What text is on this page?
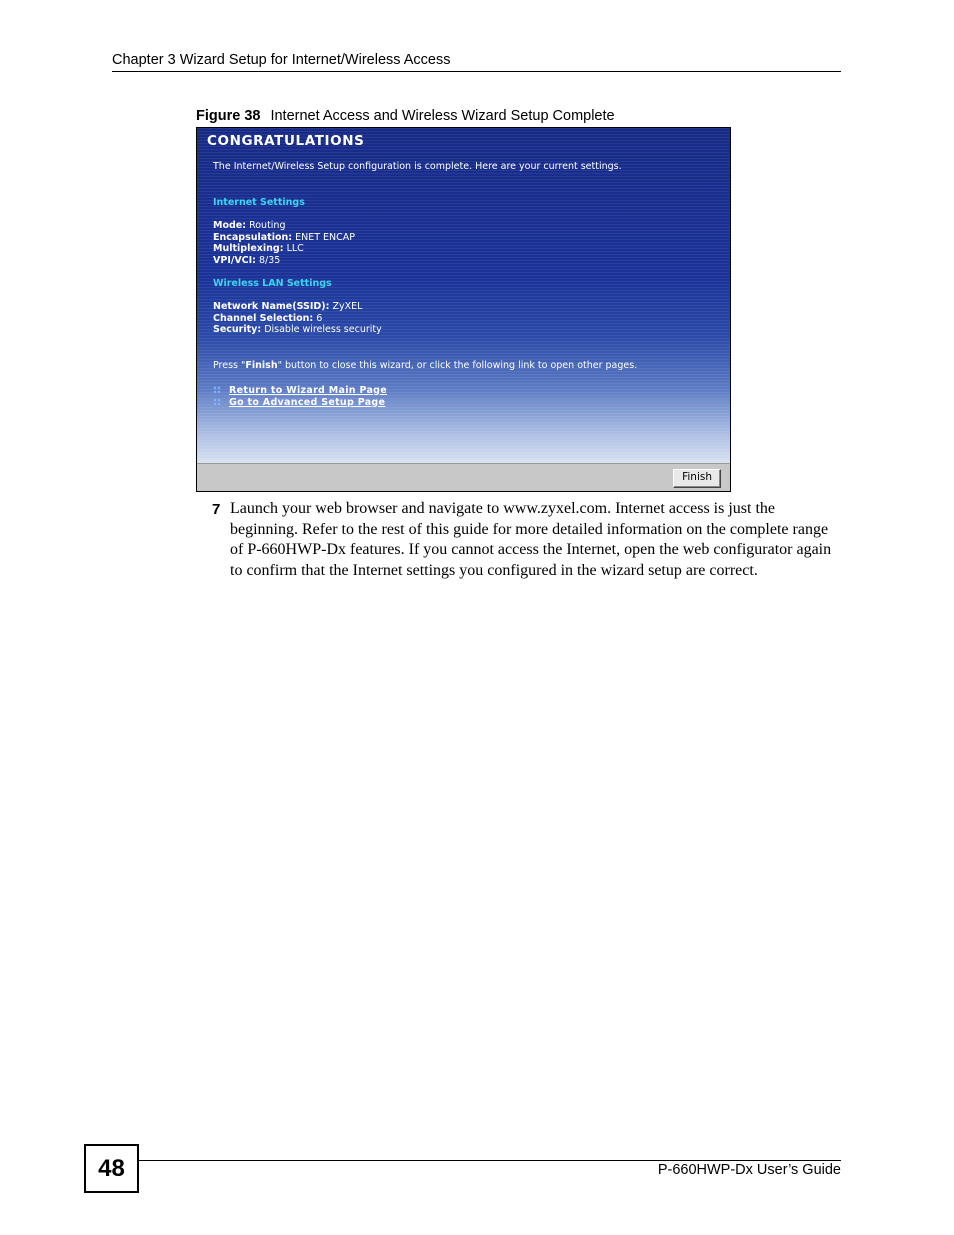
Chapter 3 Wizard Setup for Internet/Wireless Access
Figure 38 Internet Access and Wireless Wizard Setup Complete
CONGRATULATIONS
The Internet/Wireless Setup configuration is complete. Here are your current settings.
Internet Settings
Mode: Routing
Encapsulation: ENET ENCAP
Multiplexing: LLC
VPI/VCI: 8/35
Wireless LAN Settings
Network Name(SSID): ZyXEL
Channel Selection: 6
Security: Disable wireless security
Press "Finish" button to close this wizard, or click the following link to open other pages.
Return to Wizard Main Page
Go to Advanced Setup Page
Finish
7 Launch your web browser and navigate to www.zyxel.com. Internet access is just the beginning. Refer to the rest of this guide for more detailed information on the complete range of P-660HWP-Dx features. If you cannot access the Internet, open the web configurator again to confirm that the Internet settings you configured in the wizard setup are correct.
48	P-660HWP-Dx User’s Guide
